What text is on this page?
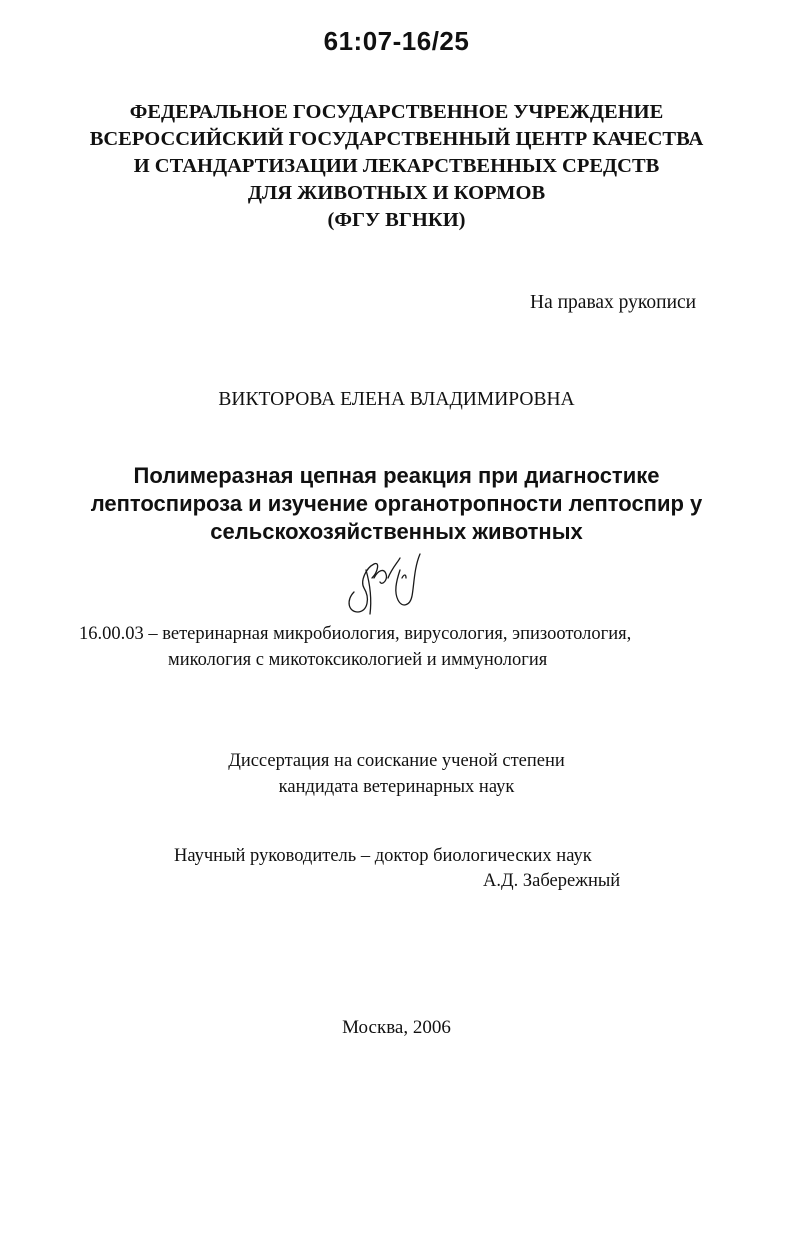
61:07-16/25
ФЕДЕРАЛЬНОЕ ГОСУДАРСТВЕННОЕ УЧРЕЖДЕНИЕ
ВСЕРОССИЙСКИЙ ГОСУДАРСТВЕННЫЙ ЦЕНТР КАЧЕСТВА
И СТАНДАРТИЗАЦИИ ЛЕКАРСТВЕННЫХ СРЕДСТВ
ДЛЯ ЖИВОТНЫХ И КОРМОВ
(ФГУ ВГНКИ)
На правах рукописи
ВИКТОРОВА ЕЛЕНА ВЛАДИМИРОВНА
Полимеразная цепная реакция при диагностике
лептоспироза и изучение органотропности лептоспир у
сельскохозяйственных животных
16.00.03 – ветеринарная микробиология, вирусология, эпизоотология,
микология с микотоксикологией и иммунология
Диссертация на соискание ученой степени
кандидата ветеринарных наук
Научный руководитель – доктор биологических наук
А.Д. Забережный
Москва, 2006
